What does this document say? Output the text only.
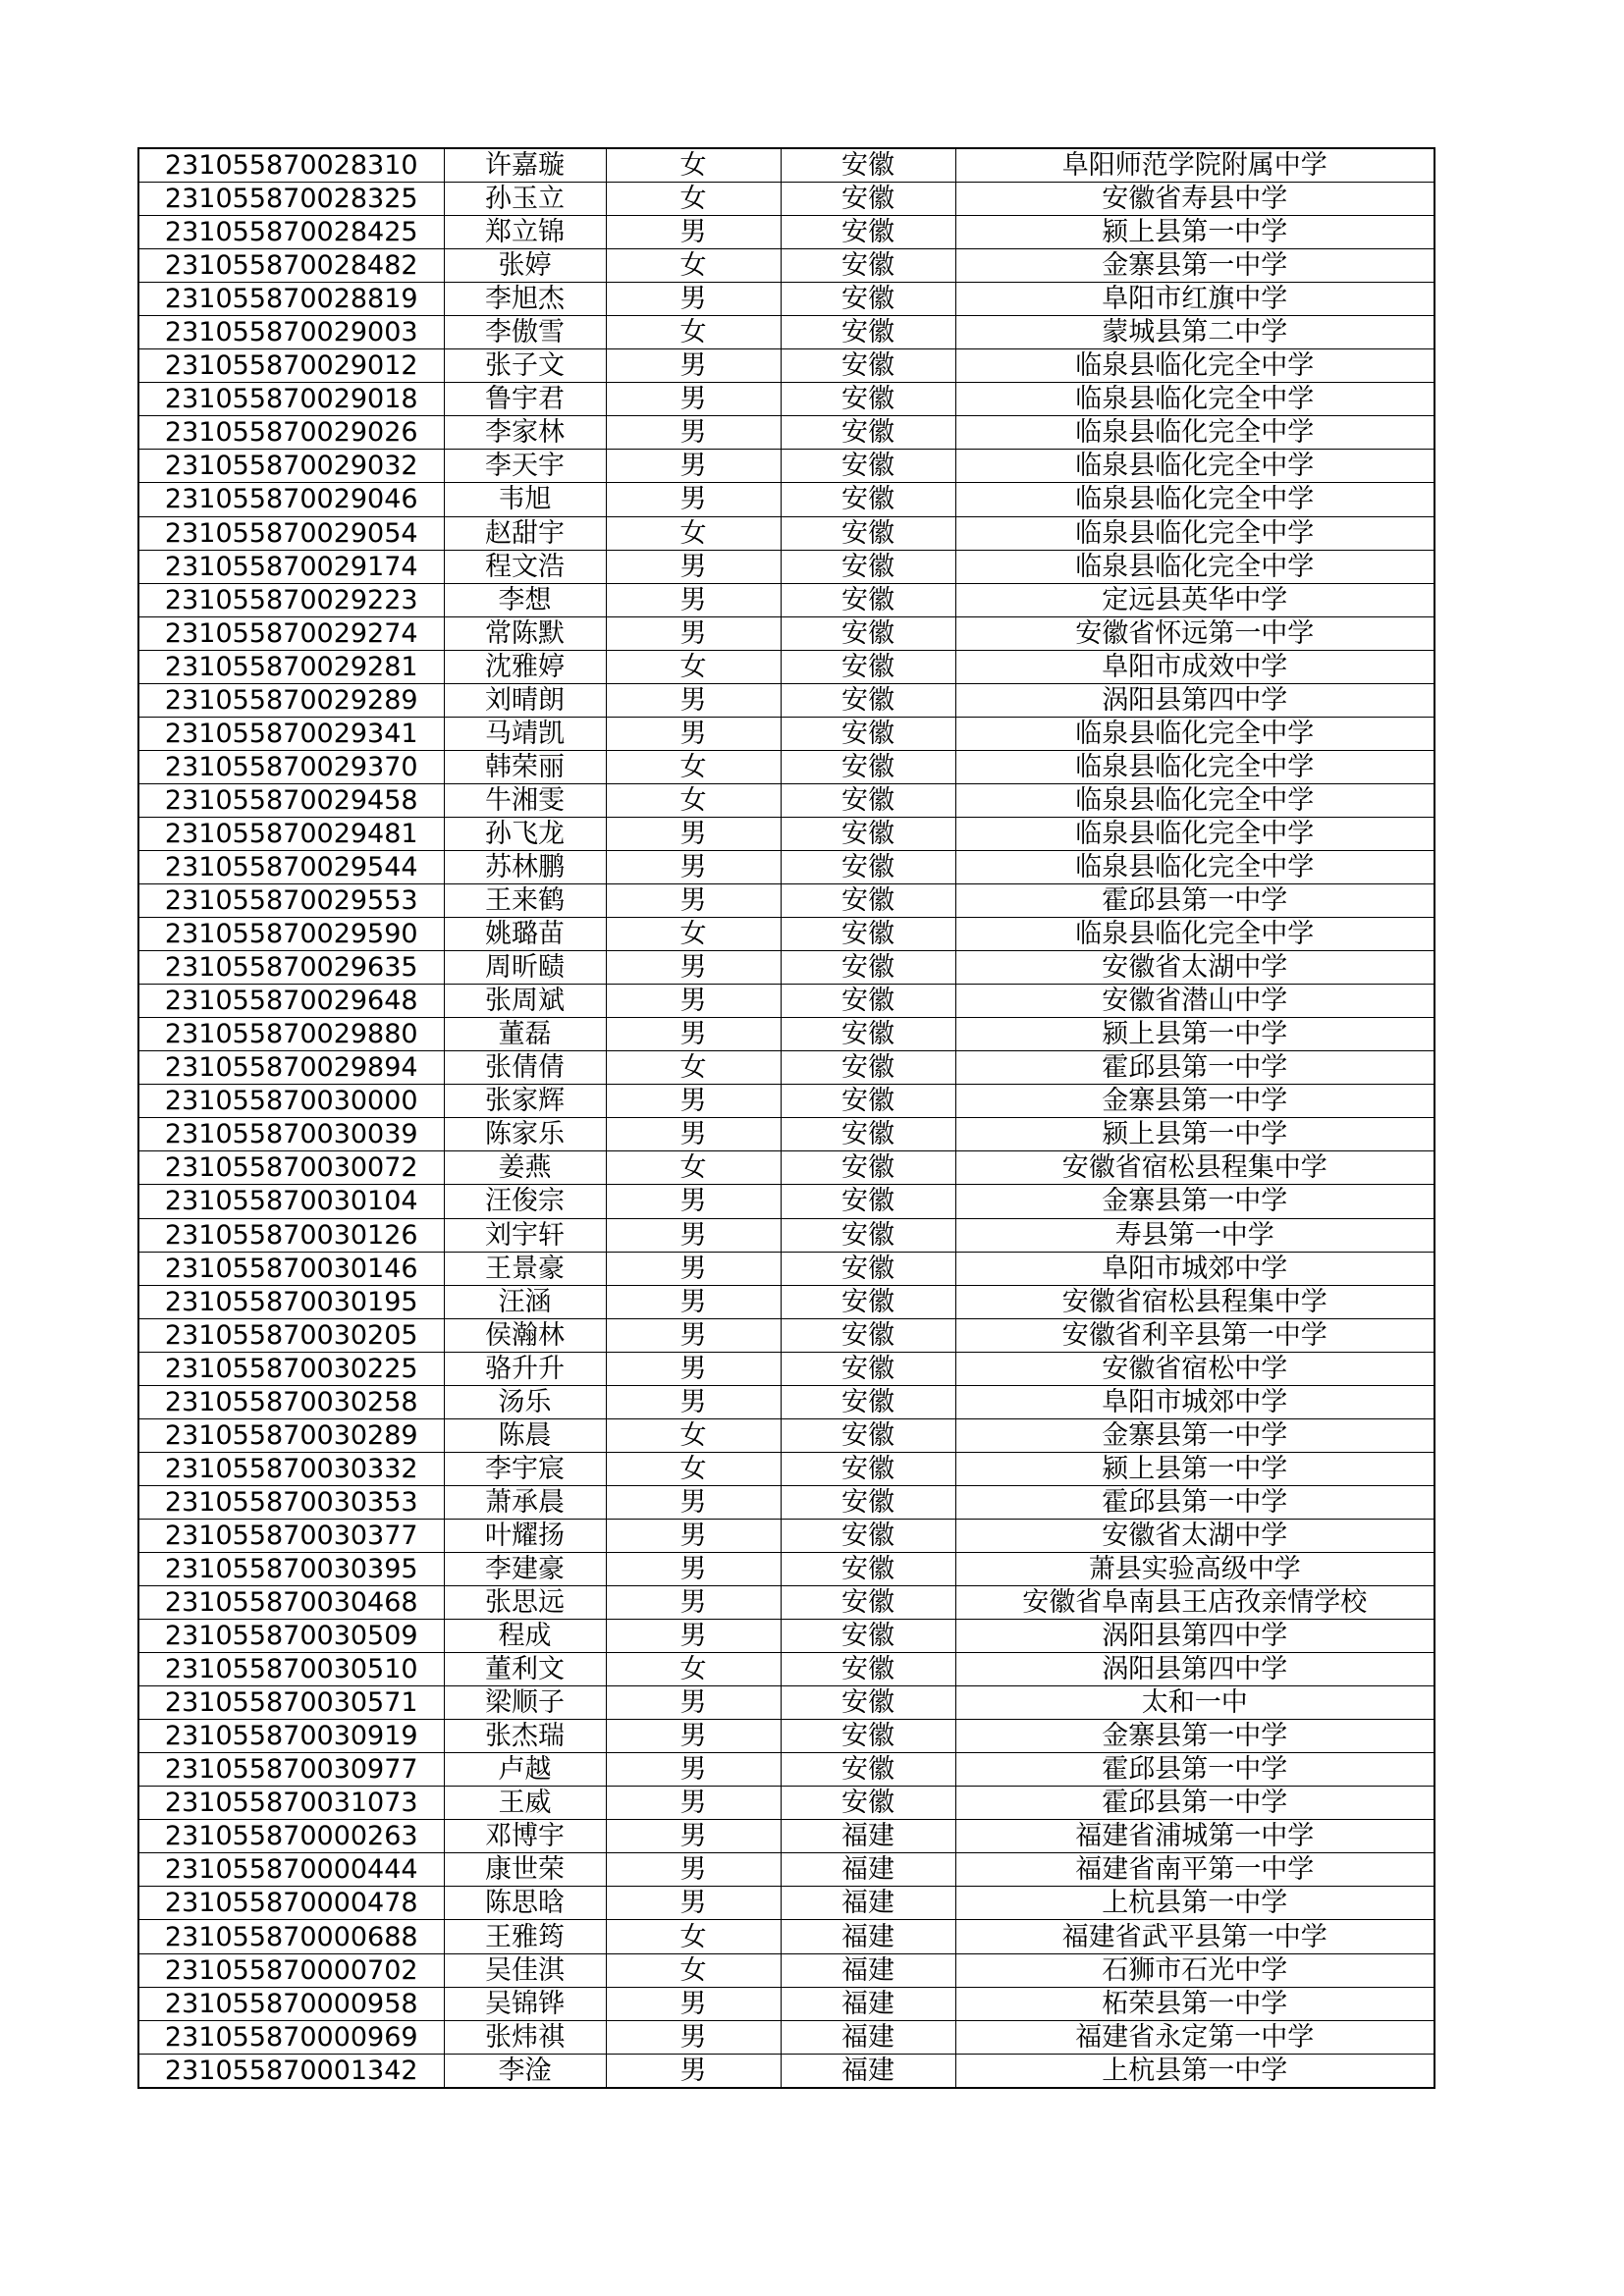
231055870028310	许嘉璇	女	安徽	阜阳师范学院附属中学
231055870028325	孙玉立	女	安徽	安徽省寿县中学
231055870028425	郑立锦	男	安徽	颍上县第一中学
231055870028482	张婷	女	安徽	金寨县第一中学
231055870028819	李旭杰	男	安徽	阜阳市红旗中学
231055870029003	李傲雪	女	安徽	蒙城县第二中学
231055870029012	张子文	男	安徽	临泉县临化完全中学
231055870029018	鲁宇君	男	安徽	临泉县临化完全中学
231055870029026	李家林	男	安徽	临泉县临化完全中学
231055870029032	李天宇	男	安徽	临泉县临化完全中学
231055870029046	韦旭	男	安徽	临泉县临化完全中学
231055870029054	赵甜宇	女	安徽	临泉县临化完全中学
231055870029174	程文浩	男	安徽	临泉县临化完全中学
231055870029223	李想	男	安徽	定远县英华中学
231055870029274	常陈默	男	安徽	安徽省怀远第一中学
231055870029281	沈雅婷	女	安徽	阜阳市成效中学
231055870029289	刘晴朗	男	安徽	涡阳县第四中学
231055870029341	马靖凯	男	安徽	临泉县临化完全中学
231055870029370	韩荣丽	女	安徽	临泉县临化完全中学
231055870029458	牛湘雯	女	安徽	临泉县临化完全中学
231055870029481	孙飞龙	男	安徽	临泉县临化完全中学
231055870029544	苏林鹏	男	安徽	临泉县临化完全中学
231055870029553	王来鹤	男	安徽	霍邱县第一中学
231055870029590	姚璐苗	女	安徽	临泉县临化完全中学
231055870029635	周昕赜	男	安徽	安徽省太湖中学
231055870029648	张周斌	男	安徽	安徽省潜山中学
231055870029880	董磊	男	安徽	颍上县第一中学
231055870029894	张倩倩	女	安徽	霍邱县第一中学
231055870030000	张家辉	男	安徽	金寨县第一中学
231055870030039	陈家乐	男	安徽	颍上县第一中学
231055870030072	姜燕	女	安徽	安徽省宿松县程集中学
231055870030104	汪俊宗	男	安徽	金寨县第一中学
231055870030126	刘宇轩	男	安徽	寿县第一中学
231055870030146	王景豪	男	安徽	阜阳市城郊中学
231055870030195	汪涵	男	安徽	安徽省宿松县程集中学
231055870030205	侯瀚林	男	安徽	安徽省利辛县第一中学
231055870030225	骆升升	男	安徽	安徽省宿松中学
231055870030258	汤乐	男	安徽	阜阳市城郊中学
231055870030289	陈晨	女	安徽	金寨县第一中学
231055870030332	李宇宸	女	安徽	颍上县第一中学
231055870030353	萧承晨	男	安徽	霍邱县第一中学
231055870030377	叶耀扬	男	安徽	安徽省太湖中学
231055870030395	李建豪	男	安徽	萧县实验高级中学
231055870030468	张思远	男	安徽	安徽省阜南县王店孜亲情学校
231055870030509	程成	男	安徽	涡阳县第四中学
231055870030510	董利文	女	安徽	涡阳县第四中学
231055870030571	梁顺子	男	安徽	太和一中
231055870030919	张杰瑞	男	安徽	金寨县第一中学
231055870030977	卢越	男	安徽	霍邱县第一中学
231055870031073	王威	男	安徽	霍邱县第一中学
231055870000263	邓博宇	男	福建	福建省浦城第一中学
231055870000444	康世荣	男	福建	福建省南平第一中学
231055870000478	陈思晗	男	福建	上杭县第一中学
231055870000688	王雅筠	女	福建	福建省武平县第一中学
231055870000702	吴佳淇	女	福建	石狮市石光中学
231055870000958	吴锦铧	男	福建	柘荣县第一中学
231055870000969	张炜祺	男	福建	福建省永定第一中学
231055870001342	李淦	男	福建	上杭县第一中学
